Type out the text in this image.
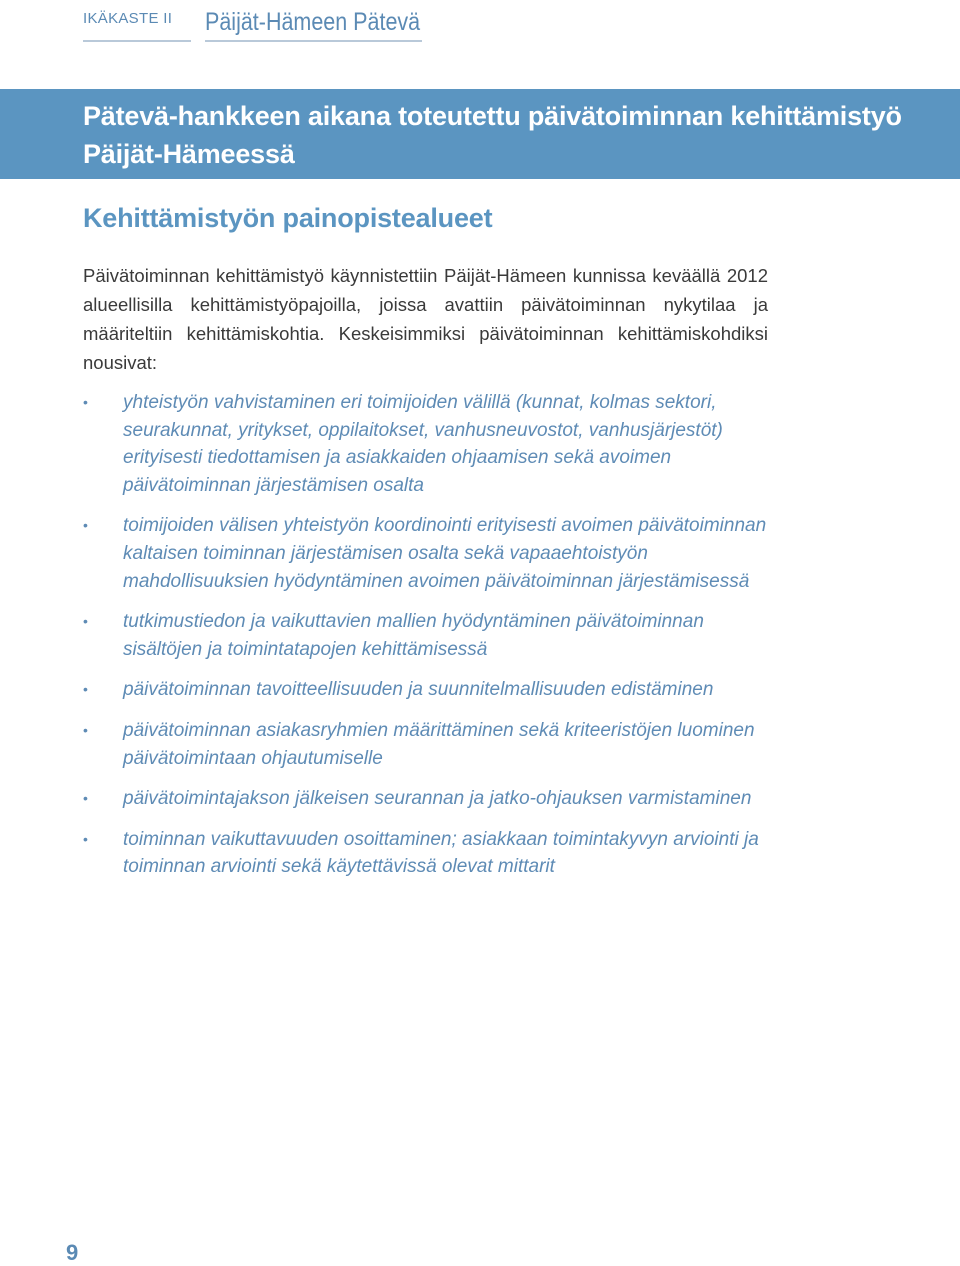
IKÄKASTE II	Päijät-Hämeen Pätevä
Pätevä-hankkeen aikana toteutettu päivätoiminnan kehittämistyö Päijät-Hämeessä
Kehittämistyön painopistealueet

Päivätoiminnan kehittämistyö käynnistettiin Päijät-Hämeen kunnissa keväällä 2012 alueellisilla kehittämistyöpajoilla, joissa avattiin päivätoiminnan nykytilaa ja määriteltiin kehittämiskohtia. Keskeisimmiksi päivätoiminnan kehittämiskohdiksi nousivat:

• yhteistyön vahvistaminen eri toimijoiden välillä (kunnat, kolmas sektori, seurakunnat, yritykset, oppilaitokset, vanhusneuvostot, vanhusjärjestöt) erityisesti tiedottamisen ja asiakkaiden ohjaamisen sekä avoimen päivätoiminnan järjestämisen osalta
• toimijoiden välisen yhteistyön koordinointi erityisesti avoimen päivätoiminnan kaltaisen toiminnan järjestämisen osalta sekä vapaaehtoistyön mahdollisuuksien hyödyntäminen avoimen päivätoiminnan järjestämisessä
• tutkimustiedon ja vaikuttavien mallien hyödyntäminen päivätoiminnan sisältöjen ja toimintatapojen kehittämisessä
• päivätoiminnan tavoitteellisuuden ja suunnitelmallisuuden edistäminen
• päivätoiminnan asiakasryhmien määrittäminen sekä kriteeristöjen luominen päivätoimintaan ohjautumiselle
• päivätoimintajakson jälkeisen seurannan ja jatko-ohjauksen varmistaminen
• toiminnan vaikuttavuuden osoittaminen; asiakkaan toimintakyvyn arviointi ja toiminnan arviointi sekä käytettävissä olevat mittarit
9
